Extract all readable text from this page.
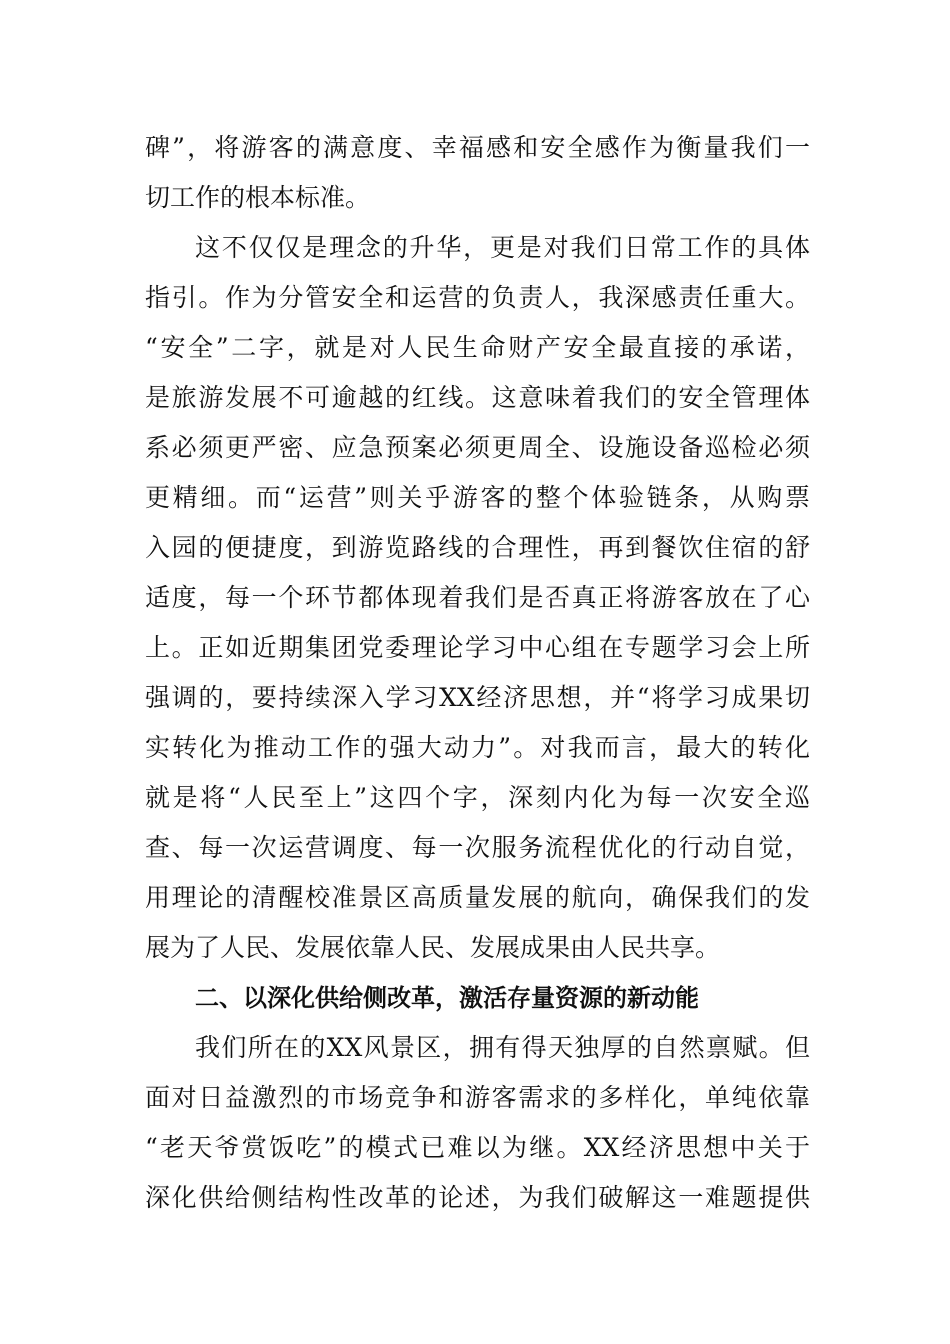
碑”，将游客的满意度、幸福感和安全感作为衡量我们一
切工作的根本标准。
这不仅仅是理念的升华，更是对我们日常工作的具体
指引。作为分管安全和运营的负责人，我深感责任重大。
“安全”二字，就是对人民生命财产安全最直接的承诺，
是旅游发展不可逾越的红线。这意味着我们的安全管理体
系必须更严密、应急预案必须更周全、设施设备巡检必须
更精细。而“运营”则关乎游客的整个体验链条，从购票
入园的便捷度，到游览路线的合理性，再到餐饮住宿的舒
适度，每一个环节都体现着我们是否真正将游客放在了心
上。正如近期集团党委理论学习中心组在专题学习会上所
强调的，要持续深入学习XX经济思想，并“将学习成果切
实转化为推动工作的强大动力”。对我而言，最大的转化
就是将“人民至上”这四个字，深刻内化为每一次安全巡
查、每一次运营调度、每一次服务流程优化的行动自觉，
用理论的清醒校准景区高质量发展的航向，确保我们的发
展为了人民、发展依靠人民、发展成果由人民共享。
二、以深化供给侧改革，激活存量资源的新动能
我们所在的XX风景区，拥有得天独厚的自然禀赋。但
面对日益激烈的市场竞争和游客需求的多样化，单纯依靠
“老天爷赏饭吃”的模式已难以为继。XX经济思想中关于
深化供给侧结构性改革的论述，为我们破解这一难题提供
